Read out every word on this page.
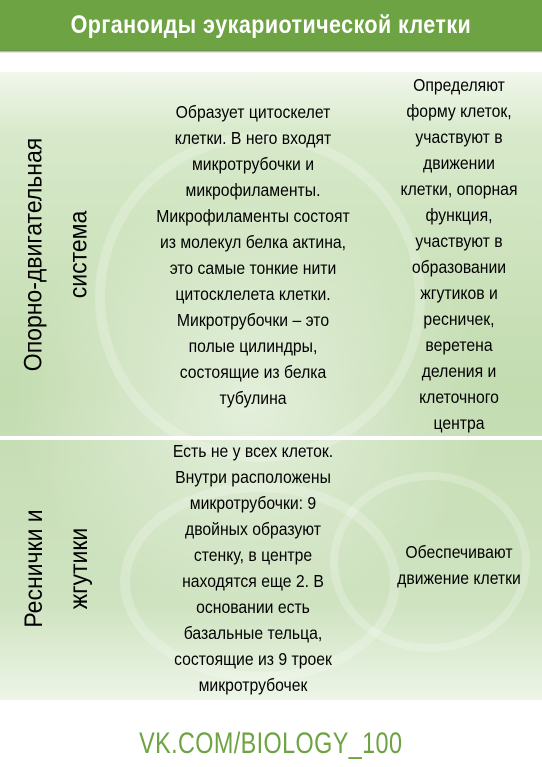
Органоиды эукариотической клетки
Опорно-двигательная система
Образует цитоскелет
клетки. В него входят
микротрубочки и
микрофиламенты.
Микрофиламенты состоят
из молекул белка актина,
это самые тонкие нити
цитосклелета клетки.
Микротрубочки – это
полые цилиндры,
состоящие из белка
тубулина
Определяют
форму клеток,
участвуют в
движении
клетки, опорная
функция,
участвуют в
образовании
жгутиков и
ресничек,
веретена
деления и
клеточного
центра
Реснички и жгутики
Есть не у всех клеток.
Внутри расположены
микротрубочки: 9
двойных образуют
стенку, в центре
находятся еще 2. В
основании есть
базальные тельца,
состоящие из 9 троек
микротрубочек
Обеспечивают
движение клетки
VK.COM/BIOLOGY_100
